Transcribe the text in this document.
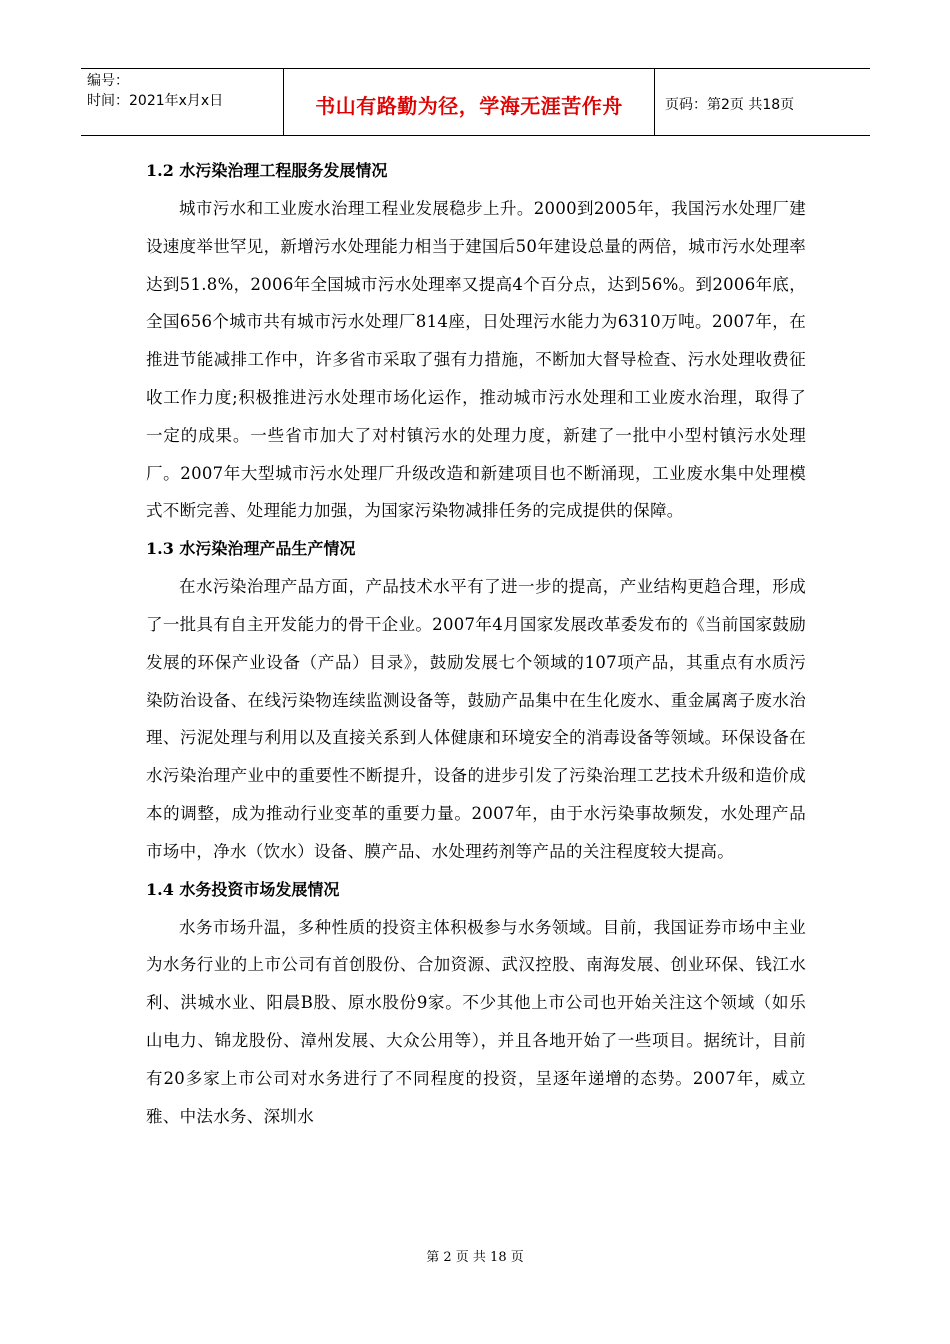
编号：
时间：2021年x月x日	书山有路勤为径，学海无涯苦作舟	页码：第2页 共18页

1.2 水污染治理工程服务发展情况

城市污水和工业废水治理工程业发展稳步上升。2000到2005年，我国污水处理厂建设速度举世罕见，新增污水处理能力相当于建国后50年建设总量的两倍，城市污水处理率达到51.8%，2006年全国城市污水处理率又提高4个百分点，达到56%。到2006年底，全国656个城市共有城市污水处理厂814座，日处理污水能力为6310万吨。2007年，在推进节能减排工作中，许多省市采取了强有力措施，不断加大督导检查、污水处理收费征收工作力度;积极推进污水处理市场化运作，推动城市污水处理和工业废水治理，取得了一定的成果。一些省市加大了对村镇污水的处理力度，新建了一批中小型村镇污水处理厂。2007年大型城市污水处理厂升级改造和新建项目也不断涌现，工业废水集中处理模式不断完善、处理能力加强，为国家污染物减排任务的完成提供的保障。

1.3 水污染治理产品生产情况

在水污染治理产品方面，产品技术水平有了进一步的提高，产业结构更趋合理，形成了一批具有自主开发能力的骨干企业。2007年4月国家发展改革委发布的《当前国家鼓励发展的环保产业设备（产品）目录》，鼓励发展七个领域的107项产品，其重点有水质污染防治设备、在线污染物连续监测设备等，鼓励产品集中在生化废水、重金属离子废水治理、污泥处理与利用以及直接关系到人体健康和环境安全的消毒设备等领域。环保设备在水污染治理产业中的重要性不断提升，设备的进步引发了污染治理工艺技术升级和造价成本的调整，成为推动行业变革的重要力量。2007年，由于水污染事故频发，水处理产品市场中，净水（饮水）设备、膜产品、水处理药剂等产品的关注程度较大提高。

1.4 水务投资市场发展情况

水务市场升温，多种性质的投资主体积极参与水务领域。目前，我国证券市场中主业为水务行业的上市公司有首创股份、合加资源、武汉控股、南海发展、创业环保、钱江水利、洪城水业、阳晨B股、原水股份9家。不少其他上市公司也开始关注这个领域（如乐山电力、锦龙股份、漳州发展、大众公用等），并且各地开始了一些项目。据统计，目前有20多家上市公司对水务进行了不同程度的投资，呈逐年递增的态势。2007年，威立雅、中法水务、深圳水

第 2 页 共 18 页
